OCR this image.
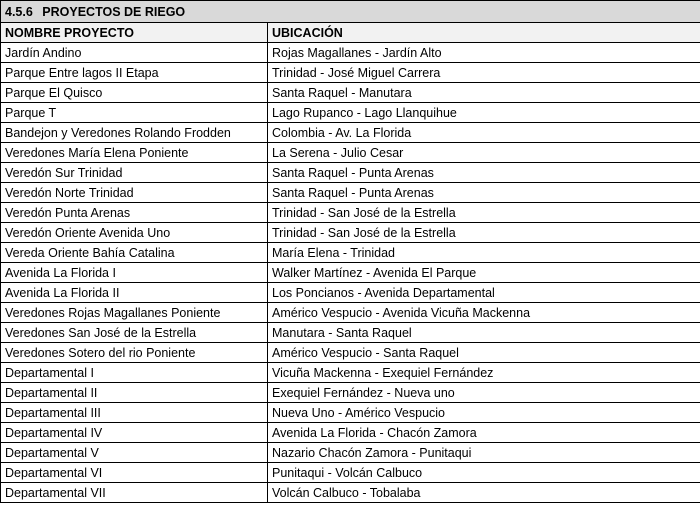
4.5.6 PROYECTOS DE RIEGO	
NOMBRE PROYECTO	UBICACIÓN
Jardín Andino	Rojas Magallanes - Jardín Alto
Parque Entre lagos II Etapa	Trinidad - José Miguel Carrera
Parque El Quisco	Santa Raquel - Manutara
Parque T	Lago Rupanco - Lago Llanquihue
Bandejon y Veredones Rolando Frodden	Colombia - Av. La Florida
Veredones María Elena Poniente	La Serena - Julio Cesar
Veredón Sur Trinidad	Santa Raquel - Punta Arenas
Veredón Norte Trinidad	Santa Raquel - Punta Arenas
Veredón Punta Arenas	Trinidad - San José de la Estrella
Veredón Oriente Avenida Uno	Trinidad - San José de la Estrella
Vereda Oriente Bahía Catalina	María Elena - Trinidad
Avenida La Florida I	Walker Martínez - Avenida El Parque
Avenida La Florida II	Los Poncianos - Avenida Departamental
Veredones Rojas Magallanes Poniente	Américo Vespucio - Avenida Vicuña Mackenna
Veredones San José de la Estrella	Manutara - Santa Raquel
Veredones Sotero del rio Poniente	Américo Vespucio - Santa Raquel
Departamental I	Vicuña Mackenna - Exequiel Fernández
Departamental II	Exequiel Fernández - Nueva uno
Departamental III	Nueva Uno - Américo Vespucio
Departamental IV	Avenida La Florida - Chacón Zamora
Departamental V	Nazario Chacón Zamora - Punitaqui
Departamental VI	Punitaqui - Volcán Calbuco
Departamental VII	Volcán Calbuco - Tobalaba
